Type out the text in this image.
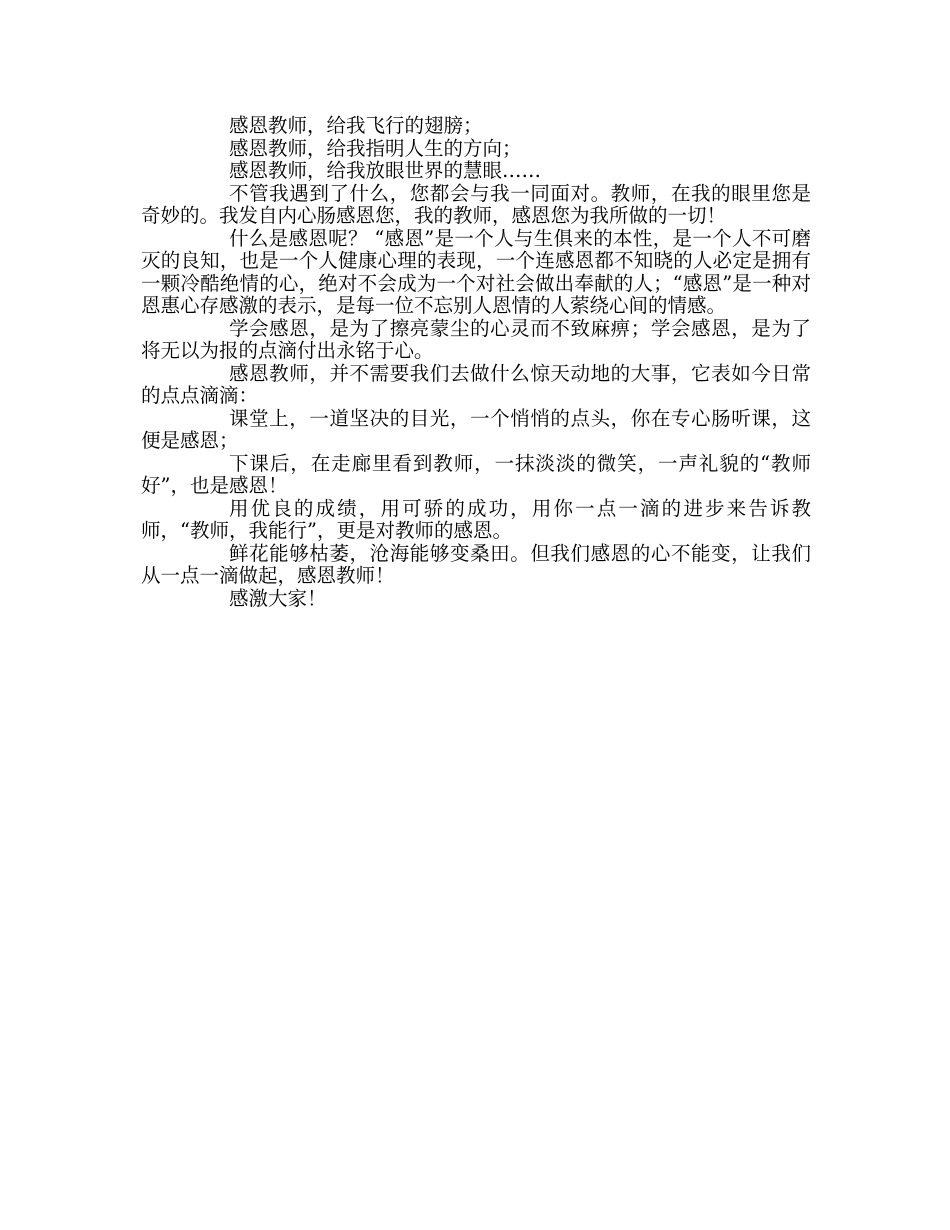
感恩教师，给我飞行的翅膀；

感恩教师，给我指明人生的方向；

感恩教师，给我放眼世界的慧眼……

不管我遇到了什么，您都会与我一同面对。教师，在我的眼里您是奇妙的。我发自内心肠感恩您，我的教师，感恩您为我所做的一切！

什么是感恩呢？ “感恩”是一个人与生俱来的本性，是一个人不可磨灭的良知，也是一个人健康心理的表现，一个连感恩都不知晓的人必定是拥有一颗冷酷绝情的心，绝对不会成为一个对社会做出奉献的人；“感恩”是一种对恩惠心存感激的表示，是每一位不忘别人恩情的人萦绕心间的情感。

学会感恩，是为了擦亮蒙尘的心灵而不致麻痹；学会感恩，是为了将无以为报的点滴付出永铭于心。

感恩教师，并不需要我们去做什么惊天动地的大事，它表如今日常的点点滴滴：

课堂上，一道坚决的目光，一个悄悄的点头，你在专心肠听课，这便是感恩；

下课后，在走廊里看到教师，一抹淡淡的微笑，一声礼貌的“教师好”，也是感恩！

用优良的成绩，用可骄的成功，用你一点一滴的进步来告诉教师，“教师，我能行”，更是对教师的感恩。

鲜花能够枯萎，沧海能够变桑田。但我们感恩的心不能变，让我们从一点一滴做起，感恩教师！

感激大家！
